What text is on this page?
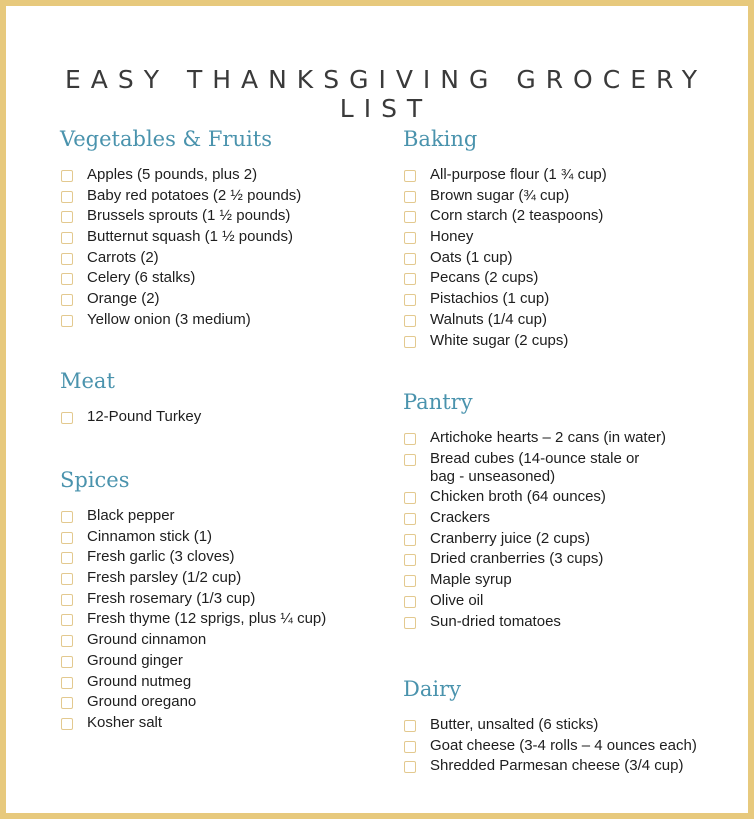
EASY THANKSGIVING GROCERY LIST
Vegetables & Fruits
Apples (5 pounds, plus 2)
Baby red potatoes (2 ½ pounds)
Brussels sprouts (1 ½ pounds)
Butternut squash (1 ½ pounds)
Carrots (2)
Celery (6 stalks)
Orange (2)
Yellow onion (3 medium)
Meat
12-Pound Turkey
Spices
Black pepper
Cinnamon stick (1)
Fresh garlic (3 cloves)
Fresh parsley (1/2 cup)
Fresh rosemary (1/3 cup)
Fresh thyme (12 sprigs, plus ¼ cup)
Ground cinnamon
Ground ginger
Ground nutmeg
Ground oregano
Kosher salt
Baking
All-purpose flour (1 ¾ cup)
Brown sugar (¾ cup)
Corn starch (2 teaspoons)
Honey
Oats (1 cup)
Pecans (2 cups)
Pistachios (1 cup)
Walnuts (1/4 cup)
White sugar (2 cups)
Pantry
Artichoke hearts – 2 cans (in water)
Bread cubes (14-ounce stale or
bag - unseasoned)
Chicken broth (64 ounces)
Crackers
Cranberry juice (2 cups)
Dried cranberries (3 cups)
Maple syrup
Olive oil
Sun-dried tomatoes
Dairy
Butter, unsalted (6 sticks)
Goat cheese (3-4 rolls – 4 ounces each)
Shredded Parmesan cheese (3/4 cup)
